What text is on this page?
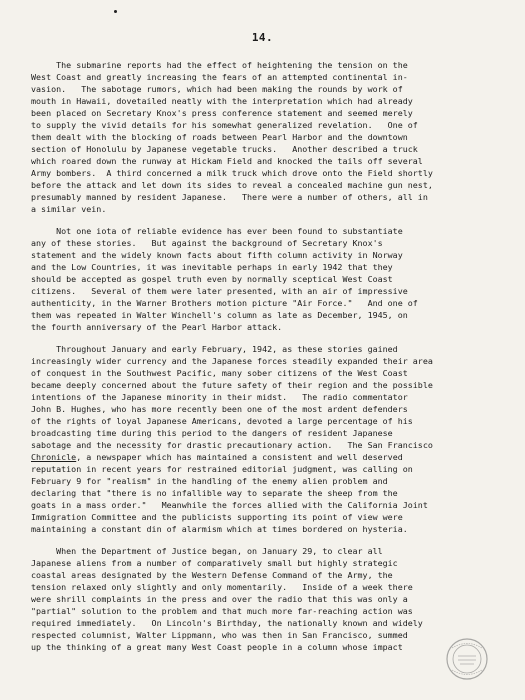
14.
The submarine reports had the effect of heightening the tension on the
West Coast and greatly increasing the fears of an attempted continental in-
vasion.   The sabotage rumors, which had been making the rounds by work of
mouth in Hawaii, dovetailed neatly with the interpretation which had already
been placed on Secretary Knox's press conference statement and seemed merely
to supply the vivid details for his somewhat generalized revelation.   One of
them dealt with the blocking of roads between Pearl Harbor and the downtown
section of Honolulu by Japanese vegetable trucks.   Another described a truck
which roared down the runway at Hickam Field and knocked the tails off several
Army bombers.  A third concerned a milk truck which drove onto the Field shortly
before the attack and let down its sides to reveal a concealed machine gun nest,
presumably manned by resident Japanese.   There were a number of others, all in
a similar vein.
Not one iota of reliable evidence has ever been found to substantiate
any of these stories.   But against the background of Secretary Knox's
statement and the widely known facts about fifth column activity in Norway
and the Low Countries, it was inevitable perhaps in early 1942 that they
should be accepted as gospel truth even by normally sceptical West Coast
citizens.   Several of them were later presented, with an air of impressive
authenticity, in the Warner Brothers motion picture "Air Force."   And one of
them was repeated in Walter Winchell's column as late as December, 1945, on
the fourth anniversary of the Pearl Harbor attack.
Throughout January and early February, 1942, as these stories gained
increasingly wider currency and the Japanese forces steadily expanded their area
of conquest in the Southwest Pacific, many sober citizens of the West Coast
became deeply concerned about the future safety of their region and the possible
intentions of the Japanese minority in their midst.   The radio commentator
John B. Hughes, who has more recently been one of the most ardent defenders
of the rights of loyal Japanese Americans, devoted a large percentage of his
broadcasting time during this period to the dangers of resident Japanese
sabotage and the necessity for drastic precautionary action.   The San Francisco
Chronicle, a newspaper which has maintained a consistent and well deserved
reputation in recent years for restrained editorial judgment, was calling on
February 9 for "realism" in the handling of the enemy alien problem and
declaring that "there is no infallible way to separate the sheep from the
goats in a mass order."   Meanwhile the forces allied with the California Joint
Immigration Committee and the publicists supporting its point of view were
maintaining a constant din of alarmism which at times bordered on hysteria.
When the Department of Justice began, on January 29, to clear all
Japanese aliens from a number of comparatively small but highly strategic
coastal areas designated by the Western Defense Command of the Army, the
tension relaxed only slightly and only momentarily.   Inside of a week there
were shrill complaints in the press and over the radio that this was only a
"partial" solution to the problem and that much more far-reaching action was
required immediately.   On Lincoln's Birthday, the nationally known and widely
respected columnist, Walter Lippmann, who was then in San Francisco, summed
up the thinking of a great many West Coast people in a column whose impact
